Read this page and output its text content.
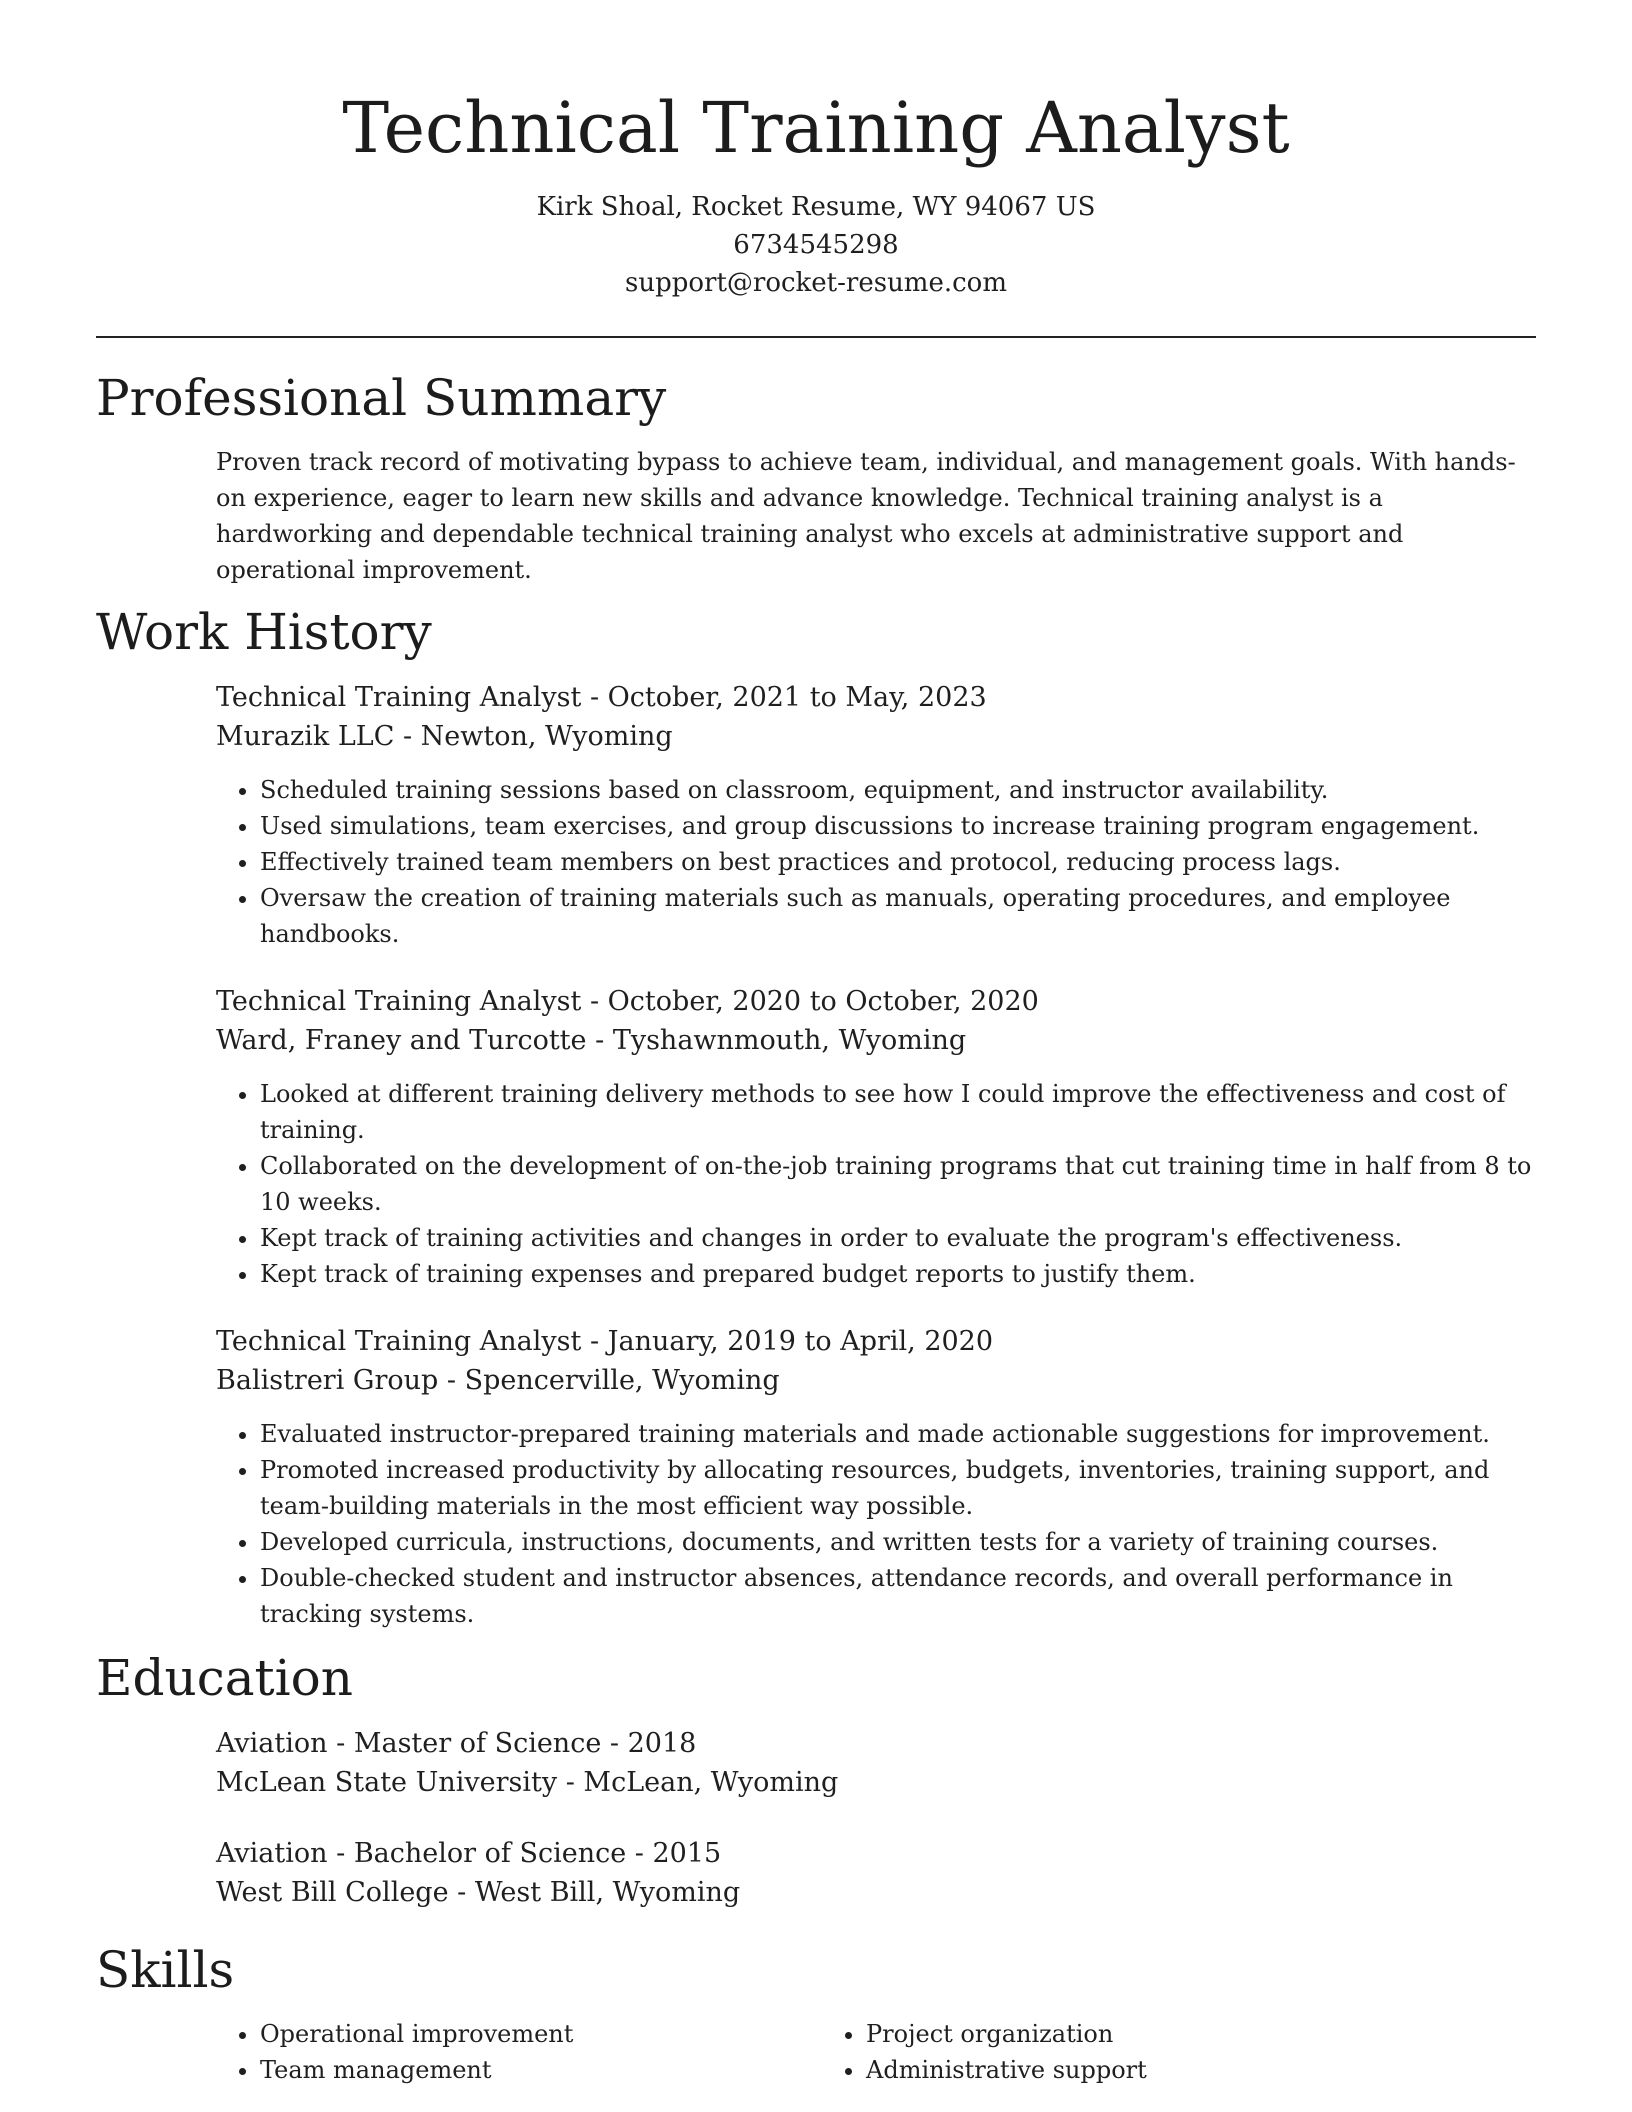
Technical Training Analyst

Kirk Shoal, Rocket Resume, WY 94067 US

6734545298

support@rocket-resume.com

Professional Summary

Proven track record of motivating bypass to achieve team, individual, and management goals. With hands-on experience, eager to learn new skills and advance knowledge. Technical training analyst is a hardworking and dependable technical training analyst who excels at administrative support and operational improvement.

Work History

Technical Training Analyst - October, 2021 to May, 2023

Murazik LLC - Newton, Wyoming

• Scheduled training sessions based on classroom, equipment, and instructor availability.
• Used simulations, team exercises, and group discussions to increase training program engagement.
• Effectively trained team members on best practices and protocol, reducing process lags.
• Oversaw the creation of training materials such as manuals, operating procedures, and employee handbooks.

Technical Training Analyst - October, 2020 to October, 2020

Ward, Franey and Turcotte - Tyshawnmouth, Wyoming

• Looked at different training delivery methods to see how I could improve the effectiveness and cost of training.
• Collaborated on the development of on-the-job training programs that cut training time in half from 8 to 10 weeks.
• Kept track of training activities and changes in order to evaluate the program's effectiveness.
• Kept track of training expenses and prepared budget reports to justify them.

Technical Training Analyst - January, 2019 to April, 2020

Balistreri Group - Spencerville, Wyoming

• Evaluated instructor-prepared training materials and made actionable suggestions for improvement.
• Promoted increased productivity by allocating resources, budgets, inventories, training support, and team-building materials in the most efficient way possible.
• Developed curricula, instructions, documents, and written tests for a variety of training courses.
• Double-checked student and instructor absences, attendance records, and overall performance in tracking systems.
Education

Aviation - Master of Science - 2018

McLean State University - McLean, Wyoming

Aviation - Bachelor of Science - 2015

West Bill College - West Bill, Wyoming

Skills
• Operational improvement
• Team management
• Project organization
• Administrative support
